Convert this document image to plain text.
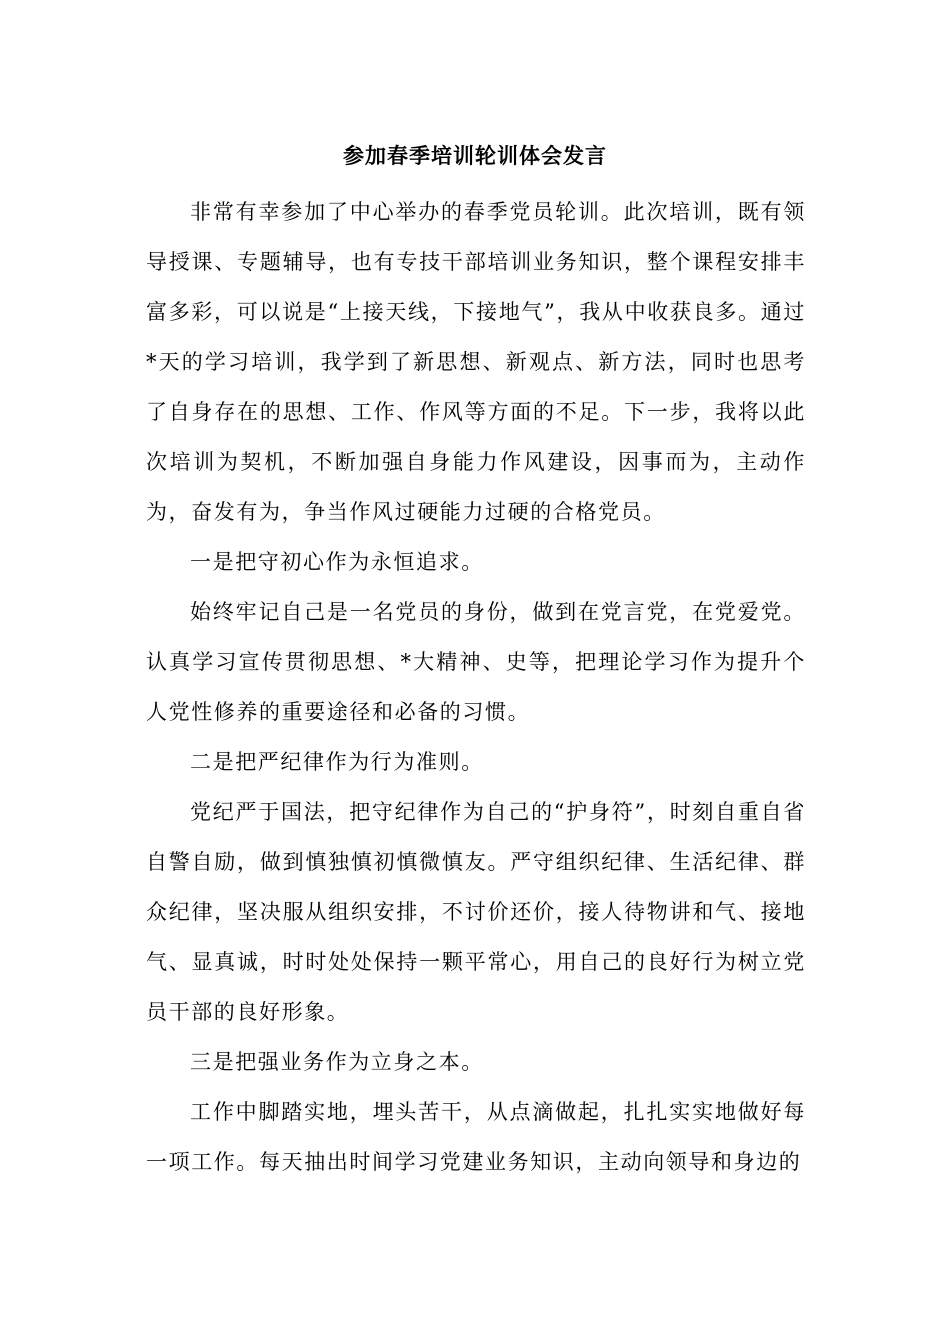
参加春季培训轮训体会发言

非常有幸参加了中心举办的春季党员轮训。此次培训，既有领导授课、专题辅导，也有专技干部培训业务知识，整个课程安排丰富多彩，可以说是“上接天线，下接地气”，我从中收获良多。通过*天的学习培训，我学到了新思想、新观点、新方法，同时也思考了自身存在的思想、工作、作风等方面的不足。下一步，我将以此次培训为契机，不断加强自身能力作风建设，因事而为，主动作为，奋发有为，争当作风过硬能力过硬的合格党员。

一是把守初心作为永恒追求。

始终牢记自己是一名党员的身份，做到在党言党，在党爱党。认真学习宣传贯彻思想、*大精神、史等，把理论学习作为提升个人党性修养的重要途径和必备的习惯。

二是把严纪律作为行为准则。

党纪严于国法，把守纪律作为自己的“护身符”，时刻自重自省自警自励，做到慎独慎初慎微慎友。严守组织纪律、生活纪律、群众纪律，坚决服从组织安排，不讨价还价，接人待物讲和气、接地气、显真诚，时时处处保持一颗平常心，用自己的良好行为树立党员干部的良好形象。

三是把强业务作为立身之本。

工作中脚踏实地，埋头苦干，从点滴做起，扎扎实实地做好每一项工作。每天抽出时间学习党建业务知识，主动向领导和身边的
